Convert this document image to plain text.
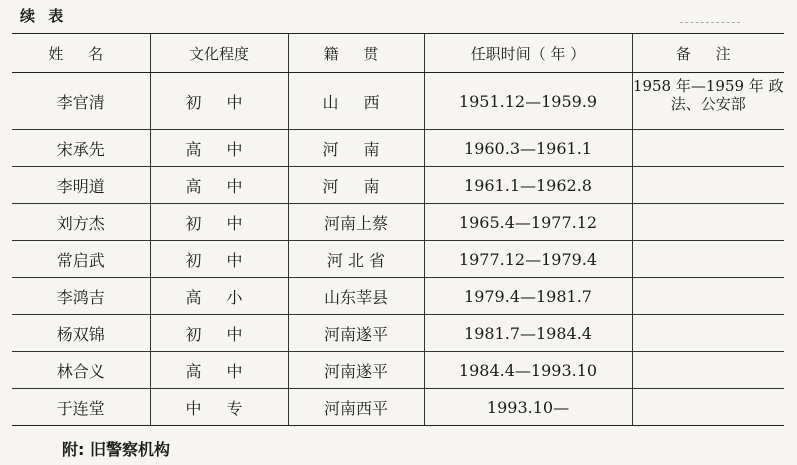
续 表
姓 名	文化程度	籍 贯	任职时间（ 年 ）	备 注
李官清	初 中	山 西	1951.12—1959.9	1958 年—1959 年 政法、公安部
宋承先	高 中	河 南	1960.3—1961.1	
李明道	高 中	河 南	1961.1—1962.8	
刘方杰	初 中	河南上蔡	1965.4—1977.12	
常启武	初 中	河 北 省	1977.12—1979.4	
李鸿吉	高 小	山东莘县	1979.4—1981.7	
杨双锦	初 中	河南遂平	1981.7—1984.4	
林合义	高 中	河南遂平	1984.4—1993.10	
于连堂	中 专	河南西平	1993.10—	
附: 旧警察机构
